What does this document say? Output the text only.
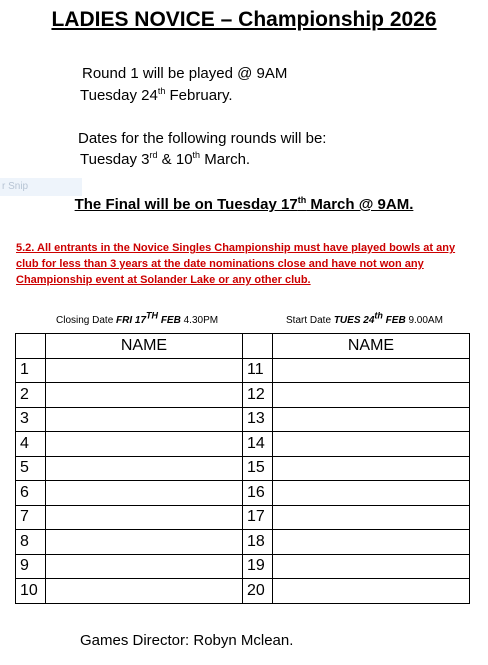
LADIES NOVICE – Championship 2026
Round 1 will be played @ 9AM
Tuesday 24th February.
Dates for the following rounds will be:
Tuesday 3rd & 10th March.
r Snip
The Final will be on Tuesday 17th March @ 9AM.
5.2. All entrants in the Novice Singles Championship must have played bowls at any club for less than 3 years at the date nominations close and have not won any Championship event at Solander Lake or any other club.
Closing Date FRI 17TH FEB 4.30PM	Start Date TUES 24th FEB 9.00AM
	NAME		NAME
1		11	
2		12	
3		13	
4		14	
5		15	
6		16	
7		17	
8		18	
9		19	
10		20	
Games Director: Robyn Mclean.
